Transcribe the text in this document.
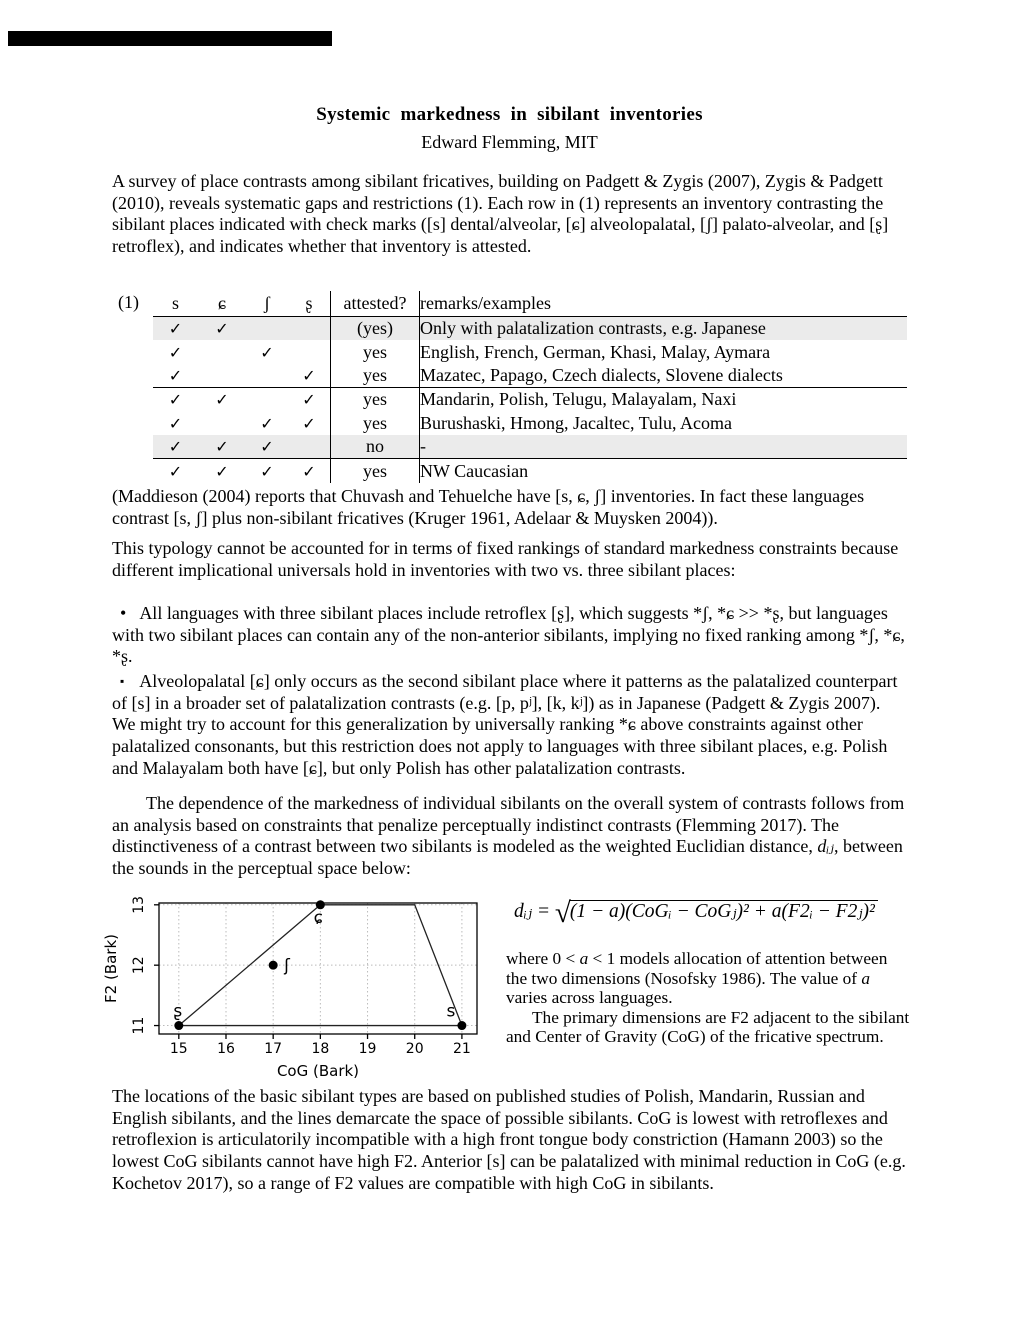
Systemic markedness in sibilant inventories
Edward Flemming, MIT

A survey of place contrasts among sibilant fricatives, building on Padgett & Zygis (2007), Zygis & Padgett (2010), reveals systematic gaps and restrictions (1). Each row in (1) represents an inventory contrasting the sibilant places indicated with check marks ([s] dental/alveolar, [ɕ] alveolopalatal, [ʃ] palato-alveolar, and [ʂ] retroflex), and indicates whether that inventory is attested.

(1) s	ɕ	ʃ	ʂ	attested?	remarks/examples
✓	✓			(yes)	Only with palatalization contrasts, e.g. Japanese
✓		✓		yes	English, French, German, Khasi, Malay, Aymara
✓			✓	yes	Mazatec, Papago, Czech dialects, Slovene dialects
✓	✓		✓	yes	Mandarin, Polish, Telugu, Malayalam, Naxi
✓		✓	✓	yes	Burushaski, Hmong, Jacaltec, Tulu, Acoma
✓	✓	✓		no	-
✓	✓	✓	✓	yes	NW Caucasian

(Maddieson (2004) reports that Chuvash and Tehuelche have [s, ɕ, ʃ] inventories. In fact these languages contrast [s, ʃ] plus non-sibilant fricatives (Kruger 1961, Adelaar & Muysken 2004)).

This typology cannot be accounted for in terms of fixed rankings of standard markedness constraints because different implicational universals hold in inventories with two vs. three sibilant places:

• All languages with three sibilant places include retroflex [ʂ], which suggests *ʃ, *ɕ >> *ʂ, but languages with two sibilant places can contain any of the non-anterior sibilants, implying no fixed ranking among *ʃ, *ɕ, *ʂ.

▪ Alveolopalatal [ɕ] only occurs as the second sibilant place where it patterns as the palatalized counterpart of [s] in a broader set of palatalization contrasts (e.g. [p, pʲ], [k, kʲ]) as in Japanese (Padgett & Zygis 2007). We might try to account for this generalization by universally ranking *ɕ above constraints against other palatalized consonants, but this restriction does not apply to languages with three sibilant places, e.g. Polish and Malayalam both have [ɕ], but only Polish has other palatalization contrasts.

The dependence of the markedness of individual sibilants on the overall system of contrasts follows from an analysis based on constraints that penalize perceptually indistinct contrasts (Flemming 2017). The distinctiveness of a contrast between two sibilants is modeled as the weighted Euclidian distance, dᵢⱼ, between the sounds in the perceptual space below:

15 16 17 18 19 20 21
11
12
13
ʂ
ʃ
ɕ
s
CoG (Bark)
F2 (Bark)
dᵢⱼ = √(1 − a)(CoGᵢ − CoGⱼ)² + a(F2ᵢ − F2ⱼ)²

where 0 < a < 1 models allocation of attention between the two dimensions (Nosofsky 1986). The value of a varies across languages.

The primary dimensions are F2 adjacent to the sibilant and Center of Gravity (CoG) of the fricative spectrum.

The locations of the basic sibilant types are based on published studies of Polish, Mandarin, Russian and English sibilants, and the lines demarcate the space of possible sibilants. CoG is lowest with retroflexes and retroflexion is articulatorily incompatible with a high front tongue body constriction (Hamann 2003) so the lowest CoG sibilants cannot have high F2. Anterior [s] can be palatalized with minimal reduction in CoG (e.g. Kochetov 2017), so a range of F2 values are compatible with high CoG in sibilants.
